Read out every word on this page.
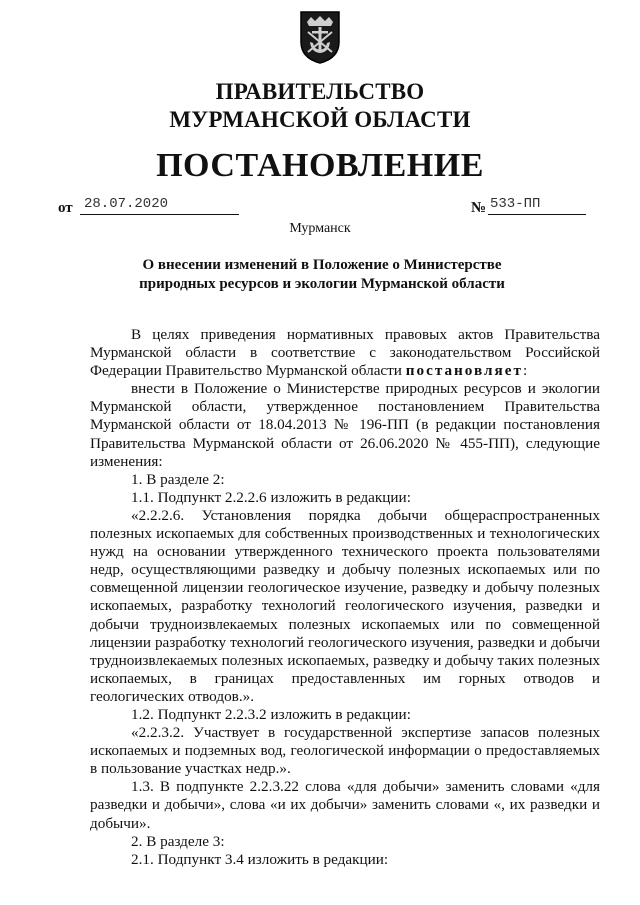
ПРАВИТЕЛЬСТВО
МУРМАНСКОЙ ОБЛАСТИ
ПОСТАНОВЛЕНИЕ
от 28.07.2020	№ 533-ПП
Мурманск
О внесении изменений в Положение о Министерстве
природных ресурсов и экологии Мурманской области

В целях приведения нормативных правовых актов Правительства Мурманской области в соответствие с законодательством Российской Федерации Правительство Мурманской области постановляет:

внести в Положение о Министерстве природных ресурсов и экологии Мурманской области, утвержденное постановлением Правительства Мурманской области от 18.04.2013 № 196-ПП (в редакции постановления Правительства Мурманской области от 26.06.2020 № 455-ПП), следующие изменения:

1. В разделе 2:

1.1. Подпункт 2.2.2.6 изложить в редакции:

«2.2.2.6. Установления порядка добычи общераспространенных полезных ископаемых для собственных производственных и технологических нужд на основании утвержденного технического проекта пользователями недр, осуществляющими разведку и добычу полезных ископаемых или по совмещенной лицензии геологическое изучение, разведку и добычу полезных ископаемых, разработку технологий геологического изучения, разведки и добычи трудноизвлекаемых полезных ископаемых или по совмещенной лицензии разработку технологий геологического изучения, разведки и добычи трудноизвлекаемых полезных ископаемых, разведку и добычу таких полезных ископаемых, в границах предоставленных им горных отводов и геологических отводов.».

1.2. Подпункт 2.2.3.2 изложить в редакции:

«2.2.3.2. Участвует в государственной экспертизе запасов полезных ископаемых и подземных вод, геологической информации о предоставляемых в пользование участках недр.».

1.3. В подпункте 2.2.3.22 слова «для добычи» заменить словами «для разведки и добычи», слова «и их добычи» заменить словами «, их разведки и добычи».

2. В разделе 3:

2.1. Подпункт 3.4 изложить в редакции:
